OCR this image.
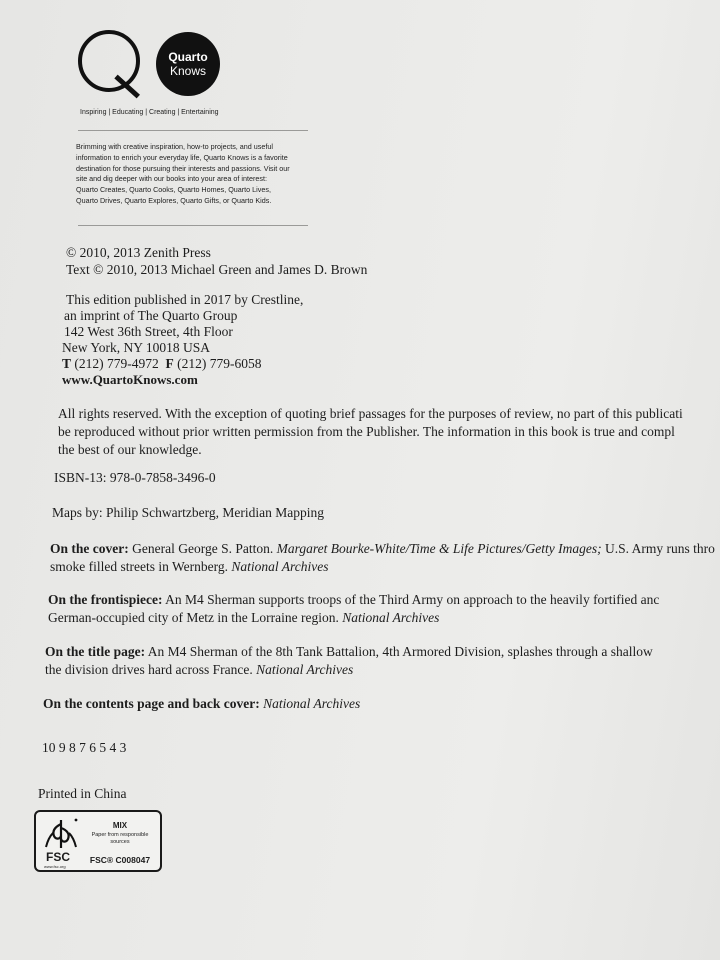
Quarto
Knows
Inspiring | Educating | Creating | Entertaining
Brimming with creative inspiration, how-to projects, and useful
information to enrich your everyday life, Quarto Knows is a favorite
destination for those pursuing their interests and passions. Visit our
site and dig deeper with our books into your area of interest:
Quarto Creates, Quarto Cooks, Quarto Homes, Quarto Lives,
Quarto Drives, Quarto Explores, Quarto Gifts, or Quarto Kids.
© 2010, 2013 Zenith Press
Text © 2010, 2013 Michael Green and James D. Brown
This edition published in 2017 by Crestline,
an imprint of The Quarto Group
142 West 36th Street, 4th Floor
New York, NY 10018 USA
T (212) 779-4972 F (212) 779-6058
www.QuartoKnows.com
All rights reserved. With the exception of quoting brief passages for the purposes of review, no part of this publicati
be reproduced without prior written permission from the Publisher. The information in this book is true and compl
the best of our knowledge.
ISBN-13: 978-0-7858-3496-0
Maps by: Philip Schwartzberg, Meridian Mapping
On the cover: General George S. Patton. Margaret Bourke-White/Time & Life Pictures/Getty Images; U.S. Army runs thro
smoke filled streets in Wernberg. National Archives
On the frontispiece: An M4 Sherman supports troops of the Third Army on approach to the heavily fortified anc
German-occupied city of Metz in the Lorraine region. National Archives
On the title page: An M4 Sherman of the 8th Tank Battalion, 4th Armored Division, splashes through a shallow
the division drives hard across France. National Archives
On the contents page and back cover: National Archives
10 9 8 7 6 5 4 3
Printed in China
FSC
www.fsc.org
MIX
Paper from responsible sources
FSC® C008047
